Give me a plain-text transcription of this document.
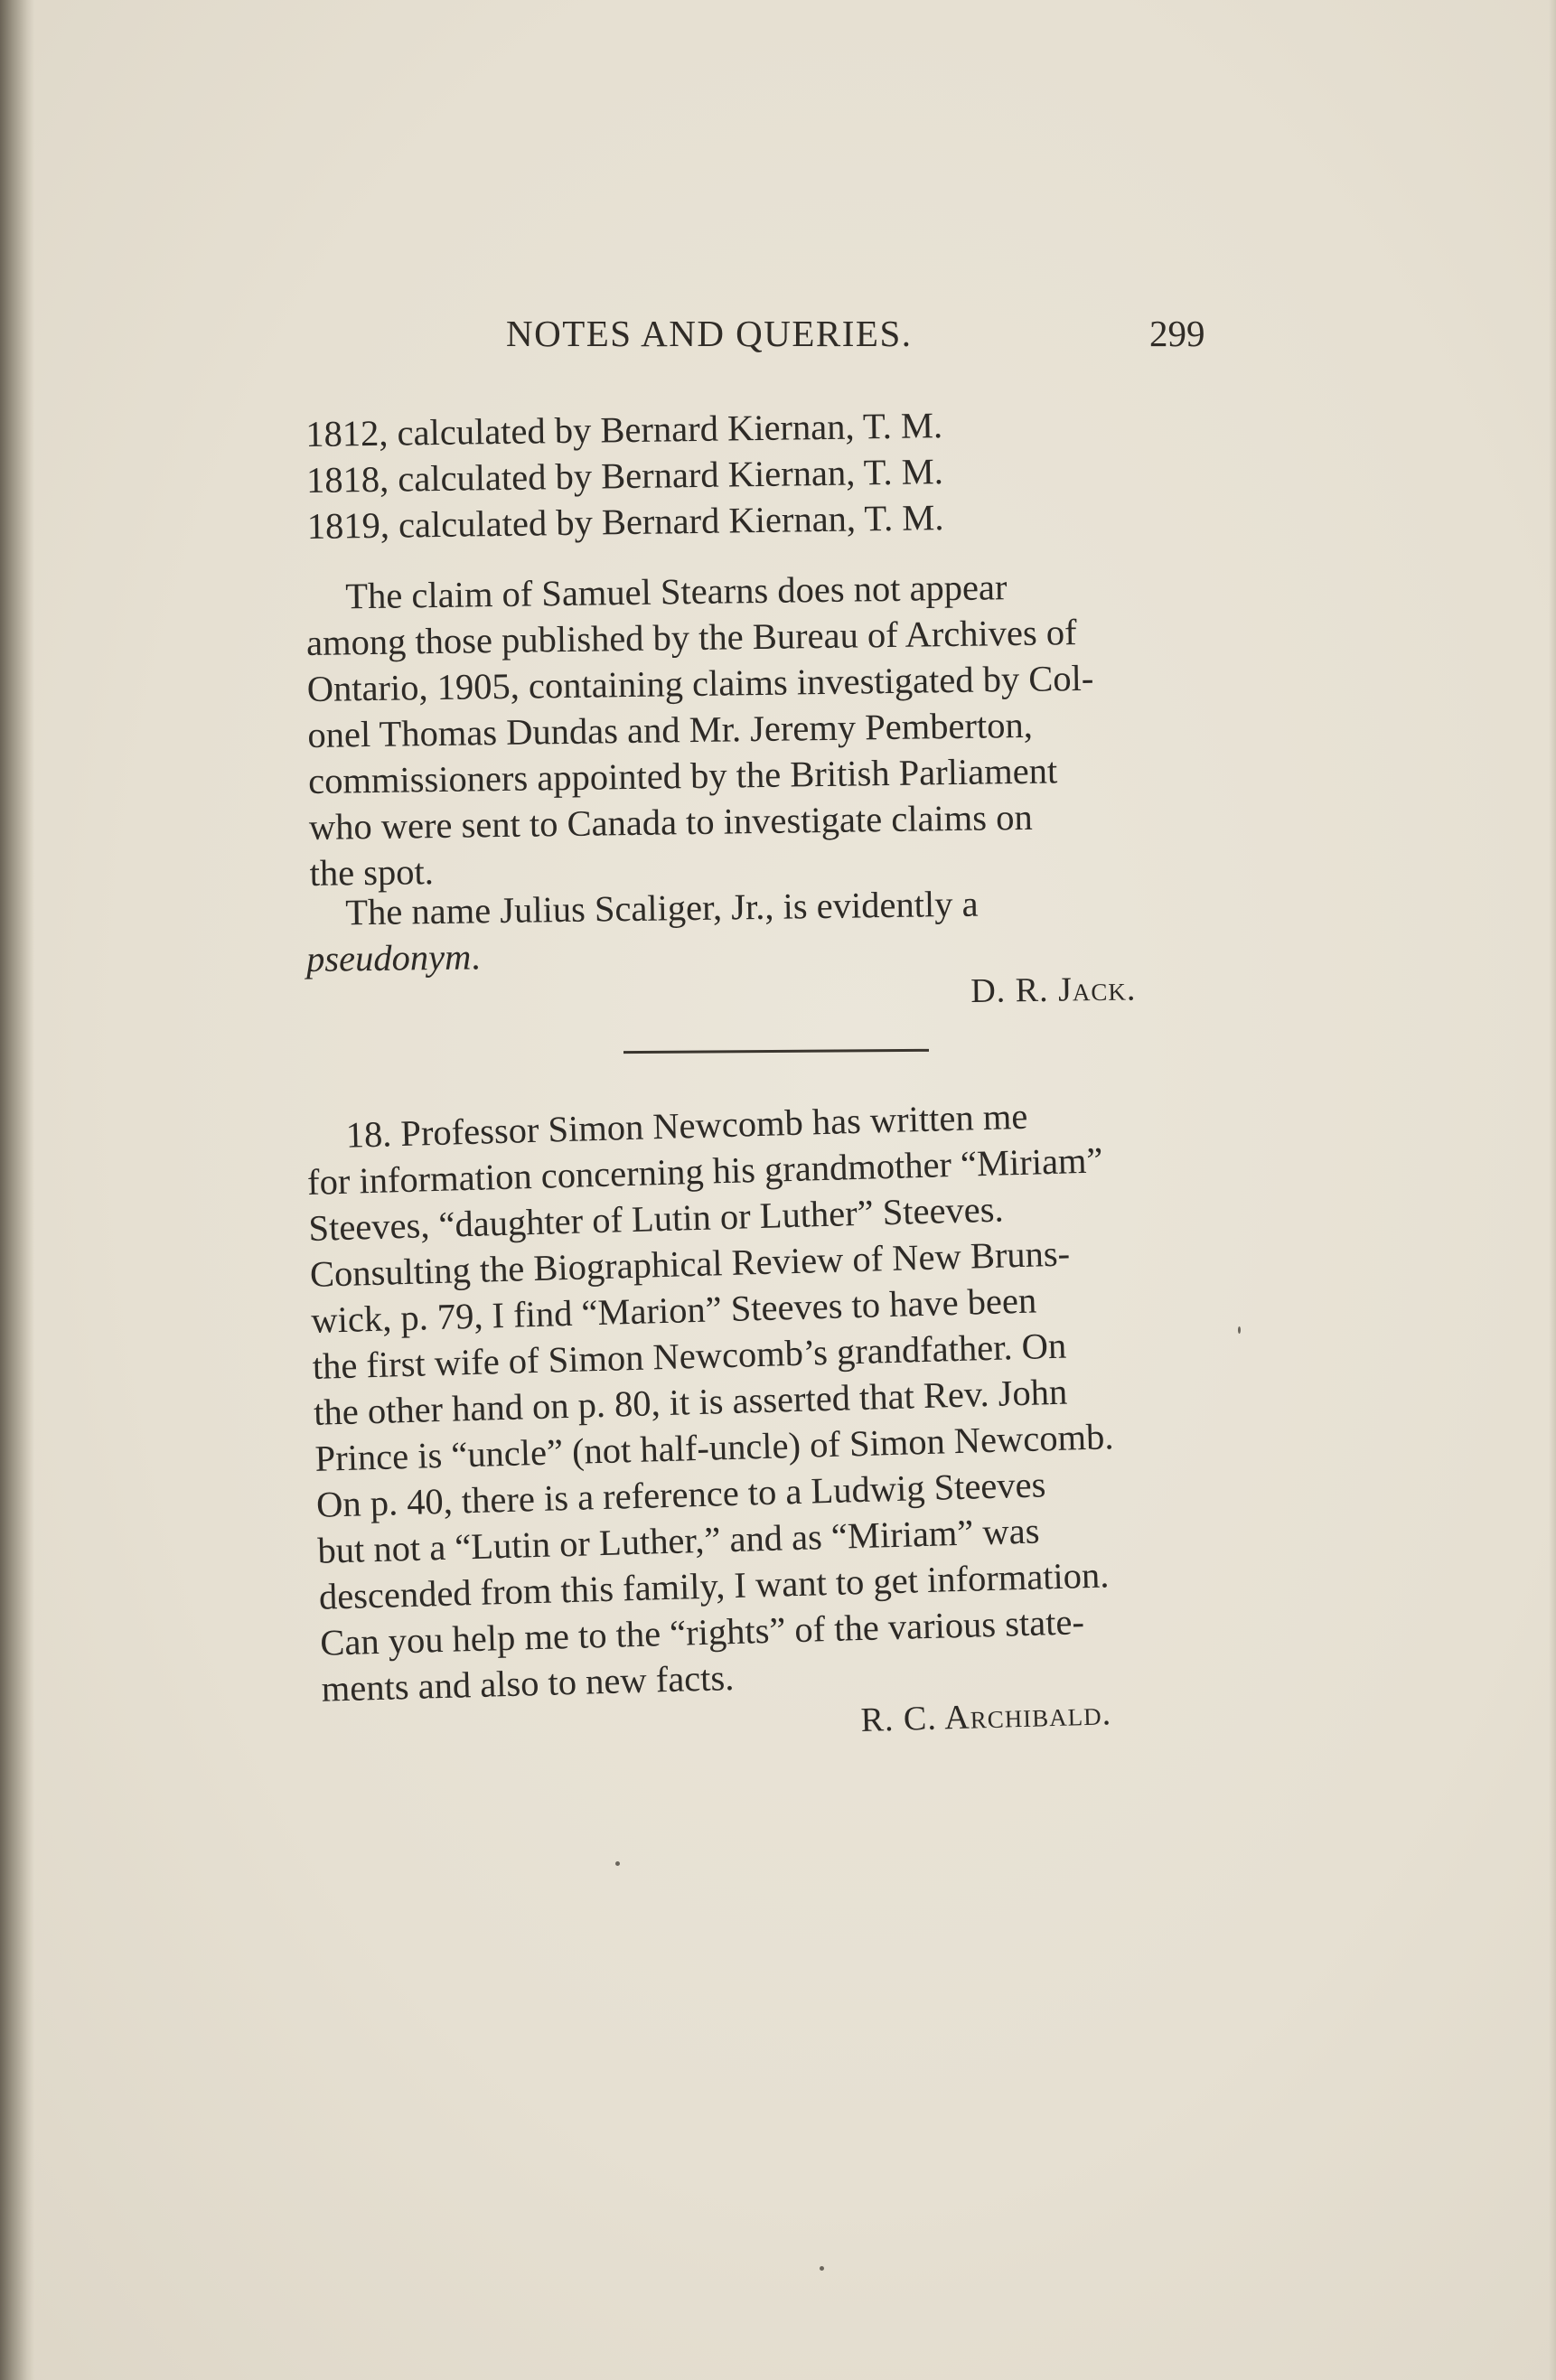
NOTES AND QUERIES.	299
1812, calculated by Bernard Kiernan, T. M.
1818, calculated by Bernard Kiernan, T. M.
1819, calculated by Bernard Kiernan, T. M.
The claim of Samuel Stearns does not appear
among those published by the Bureau of Archives of
Ontario, 1905, containing claims investigated by Col-
onel Thomas Dundas and Mr. Jeremy Pemberton,
commissioners appointed by the British Parliament
who were sent to Canada to investigate claims on
the spot.
The name Julius Scaliger, Jr., is evidently a
pseudonym.
D. R. Jack.
18. Professor Simon Newcomb has written me
for information concerning his grandmother “Miriam”
Steeves, “daughter of Lutin or Luther” Steeves.
Consulting the Biographical Review of New Bruns-
wick, p. 79, I find “Marion” Steeves to have been
the first wife of Simon Newcomb’s grandfather. On
the other hand on p. 80, it is asserted that Rev. John
Prince is “uncle” (not half-uncle) of Simon Newcomb.
On p. 40, there is a reference to a Ludwig Steeves
but not a “Lutin or Luther,” and as “Miriam” was
descended from this family, I want to get information.
Can you help me to the “rights” of the various state-
ments and also to new facts.
R. C. Archibald.
